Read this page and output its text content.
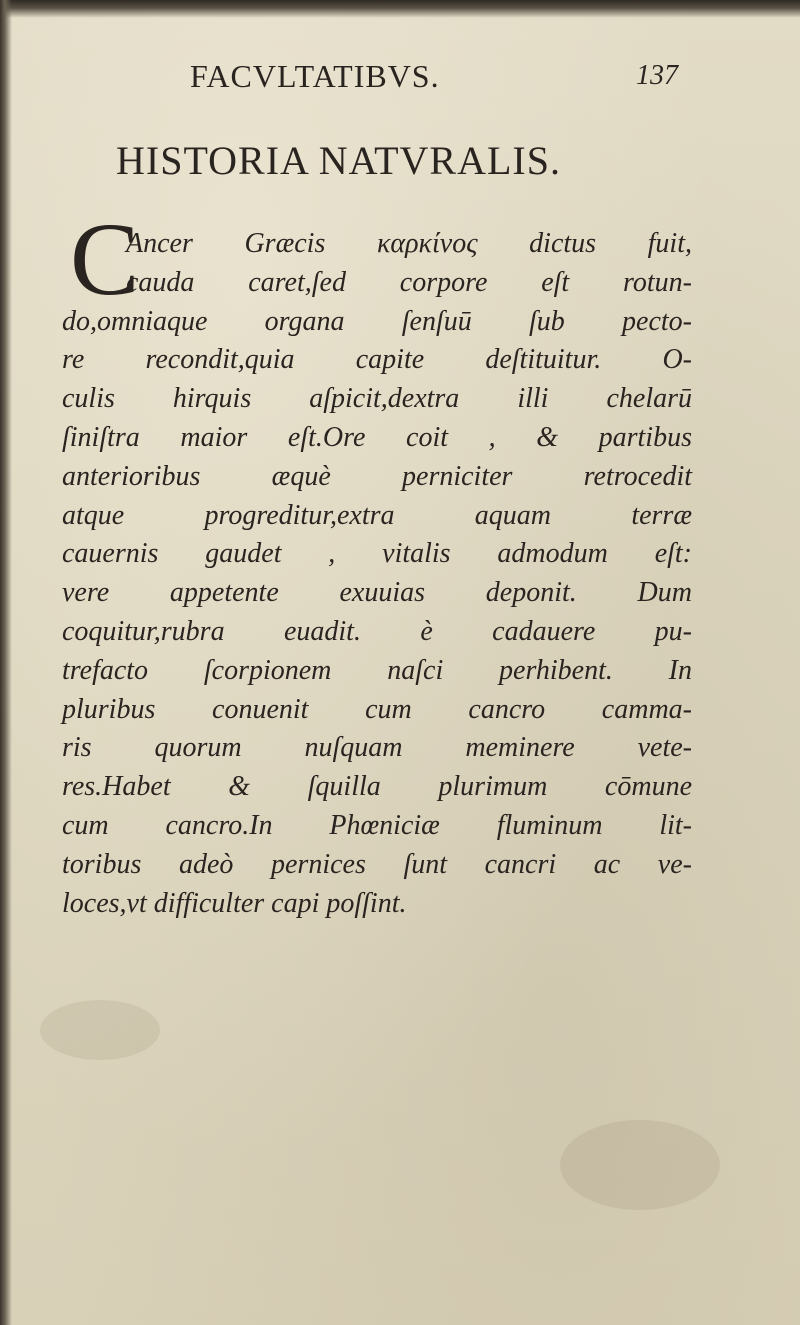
FACVLTATIBVS.	137
HISTORIA NATVRALIS.
C
Ancer Græcis καρκίνος dictus fuit,
cauda caret,ſed corpore eſt rotun-
do,omniaque organa ſenſuū ſub pecto-
re recondit,quia capite deſtituitur. O-
culis hirquis aſpicit,dextra illi chelarū
ſiniſtra maior eſt.Ore coit , & partibus
anterioribus æquè perniciter retrocedit
atque progreditur,extra aquam terræ
cauernis gaudet , vitalis admodum eſt:
vere appetente exuuias deponit. Dum
coquitur,rubra euadit. è cadauere pu-
trefacto ſcorpionem naſci perhibent. In
pluribus conuenit cum cancro camma-
ris quorum nuſquam meminere vete-
res.Habet & ſquilla plurimum cōmune
cum cancro.In Phœniciæ fluminum lit-
toribus adeò pernices ſunt cancri ac ve-
loces,vt difficulter capi poſſint.
